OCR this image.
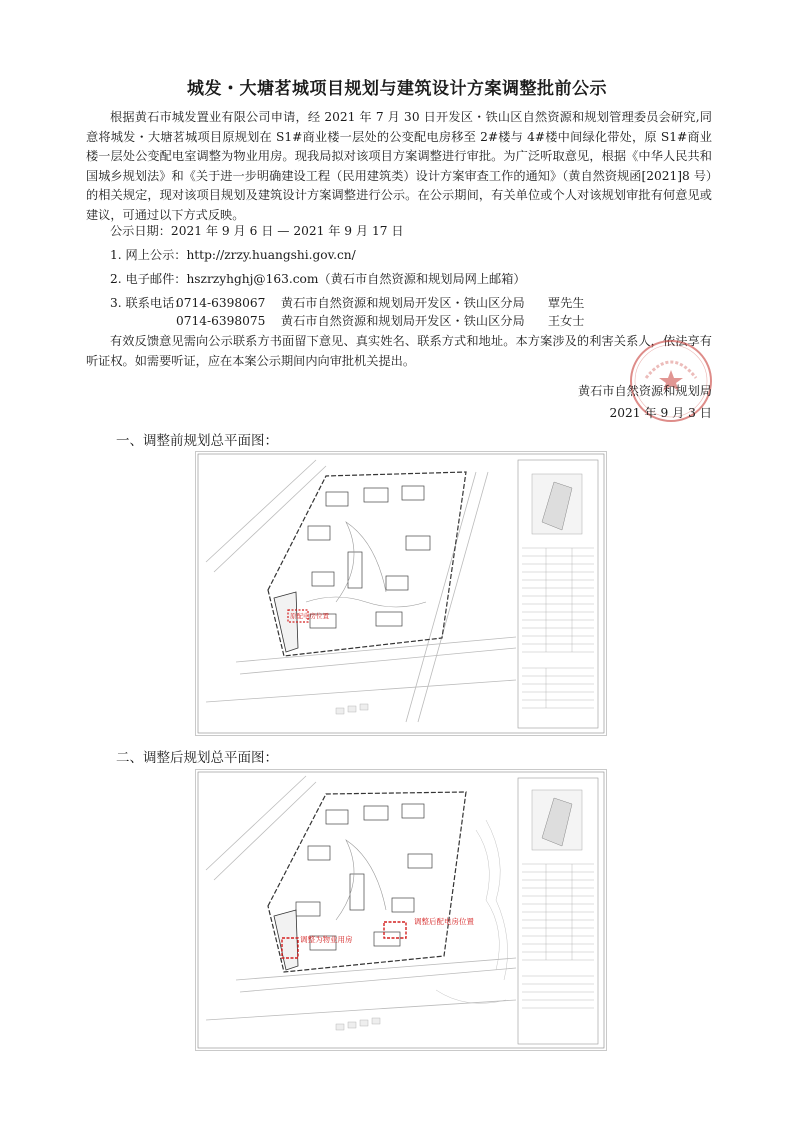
城发・大塘茗城项目规划与建筑设计方案调整批前公示

根据黄石市城发置业有限公司申请，经 2021 年 7 月 30 日开发区・铁山区自然资源和规划管理委员会研究,同意将城发・大塘茗城项目原规划在 S1#商业楼一层处的公变配电房移至 2#楼与 4#楼中间绿化带处，原 S1#商业楼一层处公变配电室调整为物业用房。现我局拟对该项目方案调整进行审批。为广泛听取意见，根据《中华人民共和国城乡规划法》和《关于进一步明确建设工程（民用建筑类）设计方案审查工作的通知》（黄自然资规函[2021]8 号）的相关规定，现对该项目规划及建筑设计方案调整进行公示。在公示期间，有关单位或个人对该规划审批有何意见或建议，可通过以下方式反映。

公示日期：2021 年 9 月 6 日 — 2021 年 9 月 17 日
1. 网上公示：http://zrzy.huangshi.gov.cn/
2. 电子邮件：hszrzyhghj@163.com（黄石市自然资源和规划局网上邮箱）
3. 联系电话：
0714-6398067    黄石市自然资源和规划局开发区・铁山区分局      覃先生
0714-6398075    黄石市自然资源和规划局开发区・铁山区分局      王女士

有效反馈意见需向公示联系方书面留下意见、真实姓名、联系方式和地址。本方案涉及的利害关系人，依法享有听证权。如需要听证，应在本案公示期间内向审批机关提出。

黄石市自然资源和规划局
2021 年 9 月 3 日
一、调整前规划总平面图：
原配电房位置
二、调整后规划总平面图：
调整为物业用房
调整后配电房位置
